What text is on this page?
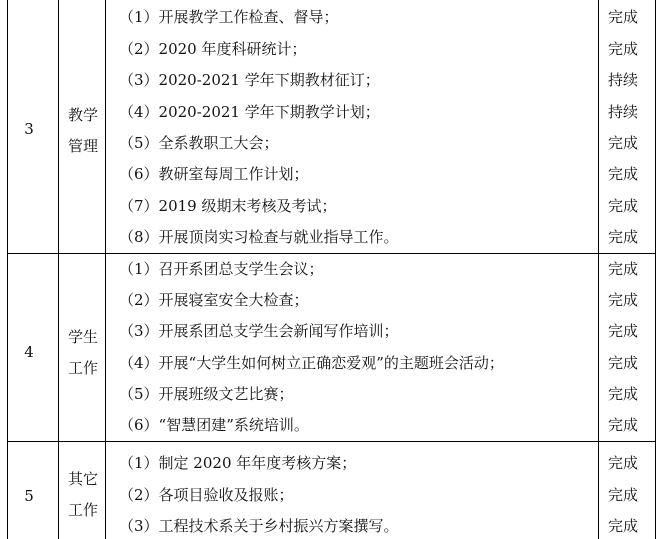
3
教学
管理
（1）开展教学工作检查、督导；	完成
（2）2020 年度科研统计；	完成
（3）2020-2021 学年下期教材征订；	持续
（4）2020-2021 学年下期教学计划；	持续
（5）全系教职工大会；	完成
（6）教研室每周工作计划；	完成
（7）2019 级期末考核及考试；	完成
（8）开展顶岗实习检查与就业指导工作。	完成
4
学生
工作
（1）召开系团总支学生会议；	完成
（2）开展寝室安全大检查；	完成
（3）开展系团总支学生会新闻写作培训；	完成
（4）开展“大学生如何树立正确恋爱观”的主题班会活动；	完成
（5）开展班级文艺比赛；	完成
（6）“智慧团建”系统培训。	完成
5
其它
工作
（1）制定 2020 年年度考核方案；	完成
（2）各项目验收及报账；	完成
（3）工程技术系关于乡村振兴方案撰写。	完成
